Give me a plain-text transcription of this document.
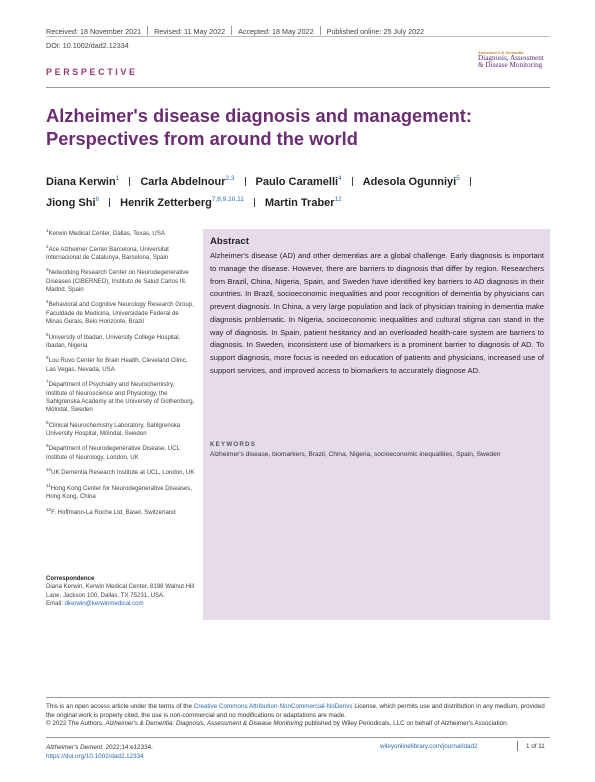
Received: 18 November 2021 Revised: 11 May 2022 Accepted: 18 May 2022 Published online: 25 July 2022
DOI: 10.1002/dad2.12334
Alzheimer's & Dementia
Diagnosis, Assessment
& Disease Monitoring
PERSPECTIVE
Alzheimer's disease diagnosis and management: Perspectives from around the world
Diana Kerwin$^1$ Carla Abdelnour$^{2,3}$ Paulo Caramelli$^4$ Adesola Ogunniyi$^5$
Jiong Shi$^6$ Henrik Zetterberg$^{7,8,9,10,11}$ Martin Traber$^{12}$
$^1$Kerwin Medical Center, Dallas, Texas, USA
$^2$Ace Alzheimer Center Barcelona, Universitat Internacional de Catalunya, Barcelona, Spain
$^3$Networking Research Center on Neurodegenerative Diseases (CIBERNED), Instituto de Salud Carlos III, Madrid, Spain
$^4$Behavioral and Cognitive Neurology Research Group, Faculdade de Medicina, Universidade Federal de Minas Gerais, Belo Horizonte, Brazil
$^5$University of Ibadan, University College Hospital, Ibadan, Nigeria
$^6$Lou Ruvo Center for Brain Health, Cleveland Clinic, Las Vegas, Nevada, USA
$^7$Department of Psychiatry and Neurochemistry, Institute of Neuroscience and Physiology, the Sahlgrenska Academy at the University of Gothenburg, Mölndal, Sweden
$^8$Clinical Neurochemistry Laboratory, Sahlgrenska University Hospital, Mölndal, Sweden
$^9$Department of Neurodegenerative Disease, UCL Institute of Neurology, London, UK
$^{10}$UK Dementia Research Institute at UCL, London, UK
$^{11}$Hong Kong Center for Neurodegenerative Diseases, Hong Kong, China
$^{12}$F. Hoffmann-La Roche Ltd, Basel, Switzerland
Correspondence
Diana Kerwin, Kerwin Medical Center, 8198 Walnut Hill Lane, Jackson 100, Dallas, TX 75231, USA.
Email: dkerwin@kerwinmedical.com
Abstract
Alzheimer's disease (AD) and other dementias are a global challenge. Early diagnosis is important to manage the disease. However, there are barriers to diagnosis that differ by region. Researchers from Brazil, China, Nigeria, Spain, and Sweden have identified key barriers to AD diagnosis in their countries. In Brazil, socioeconomic inequalities and poor recognition of dementia by physicians can prevent diagnosis. In China, a very large population and lack of physician training in dementia make diagnosis problematic. In Nigeria, socioeconomic inequalities and cultural stigma can stand in the way of diagnosis. In Spain, patient hesitancy and an overloaded health-care system are barriers to diagnosis. In Sweden, inconsistent use of biomarkers is a prominent barrier to diagnosis of AD. To support diagnosis, more focus is needed on education of patients and physicians, increased use of support services, and improved access to biomarkers to accurately diagnose AD.
KEYWORDS
Alzheimer's disease, biomarkers, Brazil, China, Nigeria, socioeconomic inequalities, Spain, Sweden
This is an open access article under the terms of the Creative Commons Attribution-NonCommercial-NoDerivs License, which permits use and distribution in any medium, provided the original work is properly cited, the use is non-commercial and no modifications or adaptations are made.
© 2022 The Authors. Alzheimer's & Dementia: Diagnosis, Assessment & Disease Monitoring published by Wiley Periodicals, LLC on behalf of Alzheimer's Association.
Alzheimer's Dement. 2022;14:e12334.
https://doi.org/10.1002/dad2.12334
wileyonlinelibrary.com/journal/dad2	1 of 11
